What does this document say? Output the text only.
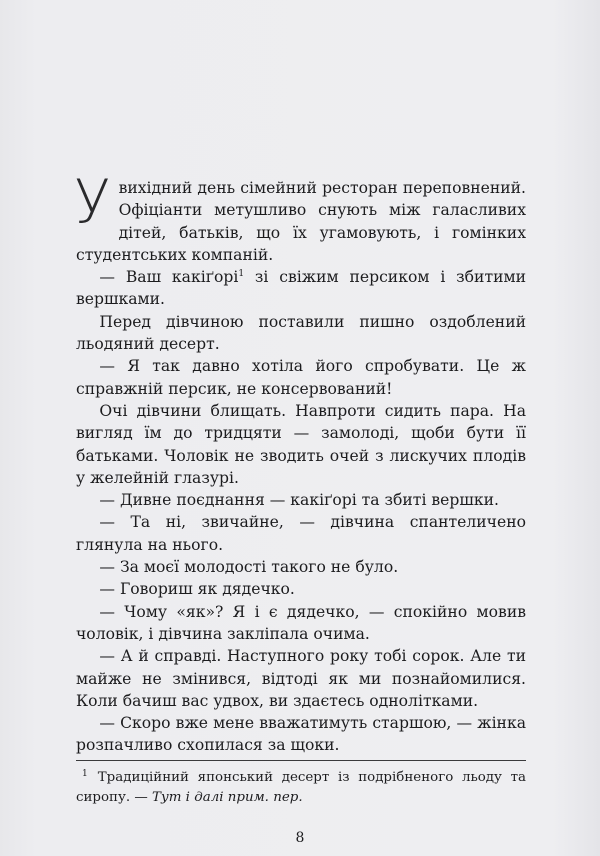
Увихідний день сімейний ресторан переповнений. Офіціанти метушливо снують між галасливих дітей, батьків, що їх угамовують, і гомінких студентських компаній.

— Ваш какіґорі$^1$ зі свіжим персиком і збитими вершками.

Перед дівчиною поставили пишно оздоблений льодяний десерт.

— Я так давно хотіла його спробувати. Це ж справжній персик, не консервований!

Очі дівчини блищать. Навпроти сидить пара. На вигляд їм до тридцяти — замолоді, щоби бути її батьками. Чоловік не зводить очей з лискучих плодів у желейній глазурі.

— Дивне поєднання — какіґорі та збиті вершки.

— Та ні, звичайне, — дівчина спантеличено глянула на нього.

— За моєї молодості такого не було.

— Говориш як дядечко.

— Чому «як»? Я і є дядечко, — спокійно мовив чоловік, і дівчина закліпала очима.

— А й справді. Наступного року тобі сорок. Але ти майже не змінився, відтоді як ми познайомилися. Коли бачиш вас удвох, ви здаєтесь однолітками.

— Скоро вже мене вважатимуть старшою, — жінка розпачливо схопилася за щоки.

$^1$ Традиційний японський десерт із подрібненого льоду та сиропу. — Тут і далі прим. пер.
8
